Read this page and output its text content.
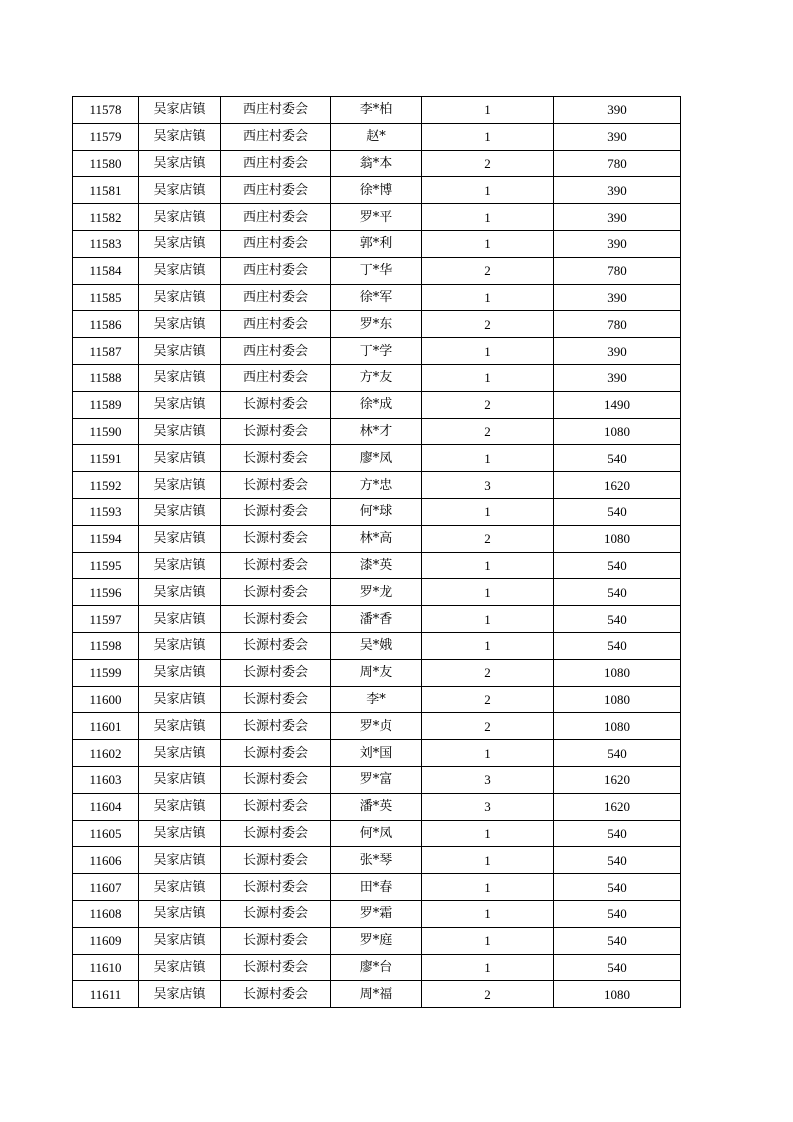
11578	吴家店镇	西庄村委会	李*柏	1	390
11579	吴家店镇	西庄村委会	赵*	1	390
11580	吴家店镇	西庄村委会	翁*本	2	780
11581	吴家店镇	西庄村委会	徐*博	1	390
11582	吴家店镇	西庄村委会	罗*平	1	390
11583	吴家店镇	西庄村委会	郭*利	1	390
11584	吴家店镇	西庄村委会	丁*华	2	780
11585	吴家店镇	西庄村委会	徐*军	1	390
11586	吴家店镇	西庄村委会	罗*东	2	780
11587	吴家店镇	西庄村委会	丁*学	1	390
11588	吴家店镇	西庄村委会	方*友	1	390
11589	吴家店镇	长源村委会	徐*成	2	1490
11590	吴家店镇	长源村委会	林*才	2	1080
11591	吴家店镇	长源村委会	廖*凤	1	540
11592	吴家店镇	长源村委会	方*忠	3	1620
11593	吴家店镇	长源村委会	何*球	1	540
11594	吴家店镇	长源村委会	林*高	2	1080
11595	吴家店镇	长源村委会	漆*英	1	540
11596	吴家店镇	长源村委会	罗*龙	1	540
11597	吴家店镇	长源村委会	潘*香	1	540
11598	吴家店镇	长源村委会	吴*娥	1	540
11599	吴家店镇	长源村委会	周*友	2	1080
11600	吴家店镇	长源村委会	李*	2	1080
11601	吴家店镇	长源村委会	罗*贞	2	1080
11602	吴家店镇	长源村委会	刘*国	1	540
11603	吴家店镇	长源村委会	罗*富	3	1620
11604	吴家店镇	长源村委会	潘*英	3	1620
11605	吴家店镇	长源村委会	何*凤	1	540
11606	吴家店镇	长源村委会	张*琴	1	540
11607	吴家店镇	长源村委会	田*春	1	540
11608	吴家店镇	长源村委会	罗*霜	1	540
11609	吴家店镇	长源村委会	罗*庭	1	540
11610	吴家店镇	长源村委会	廖*台	1	540
11611	吴家店镇	长源村委会	周*福	2	1080
